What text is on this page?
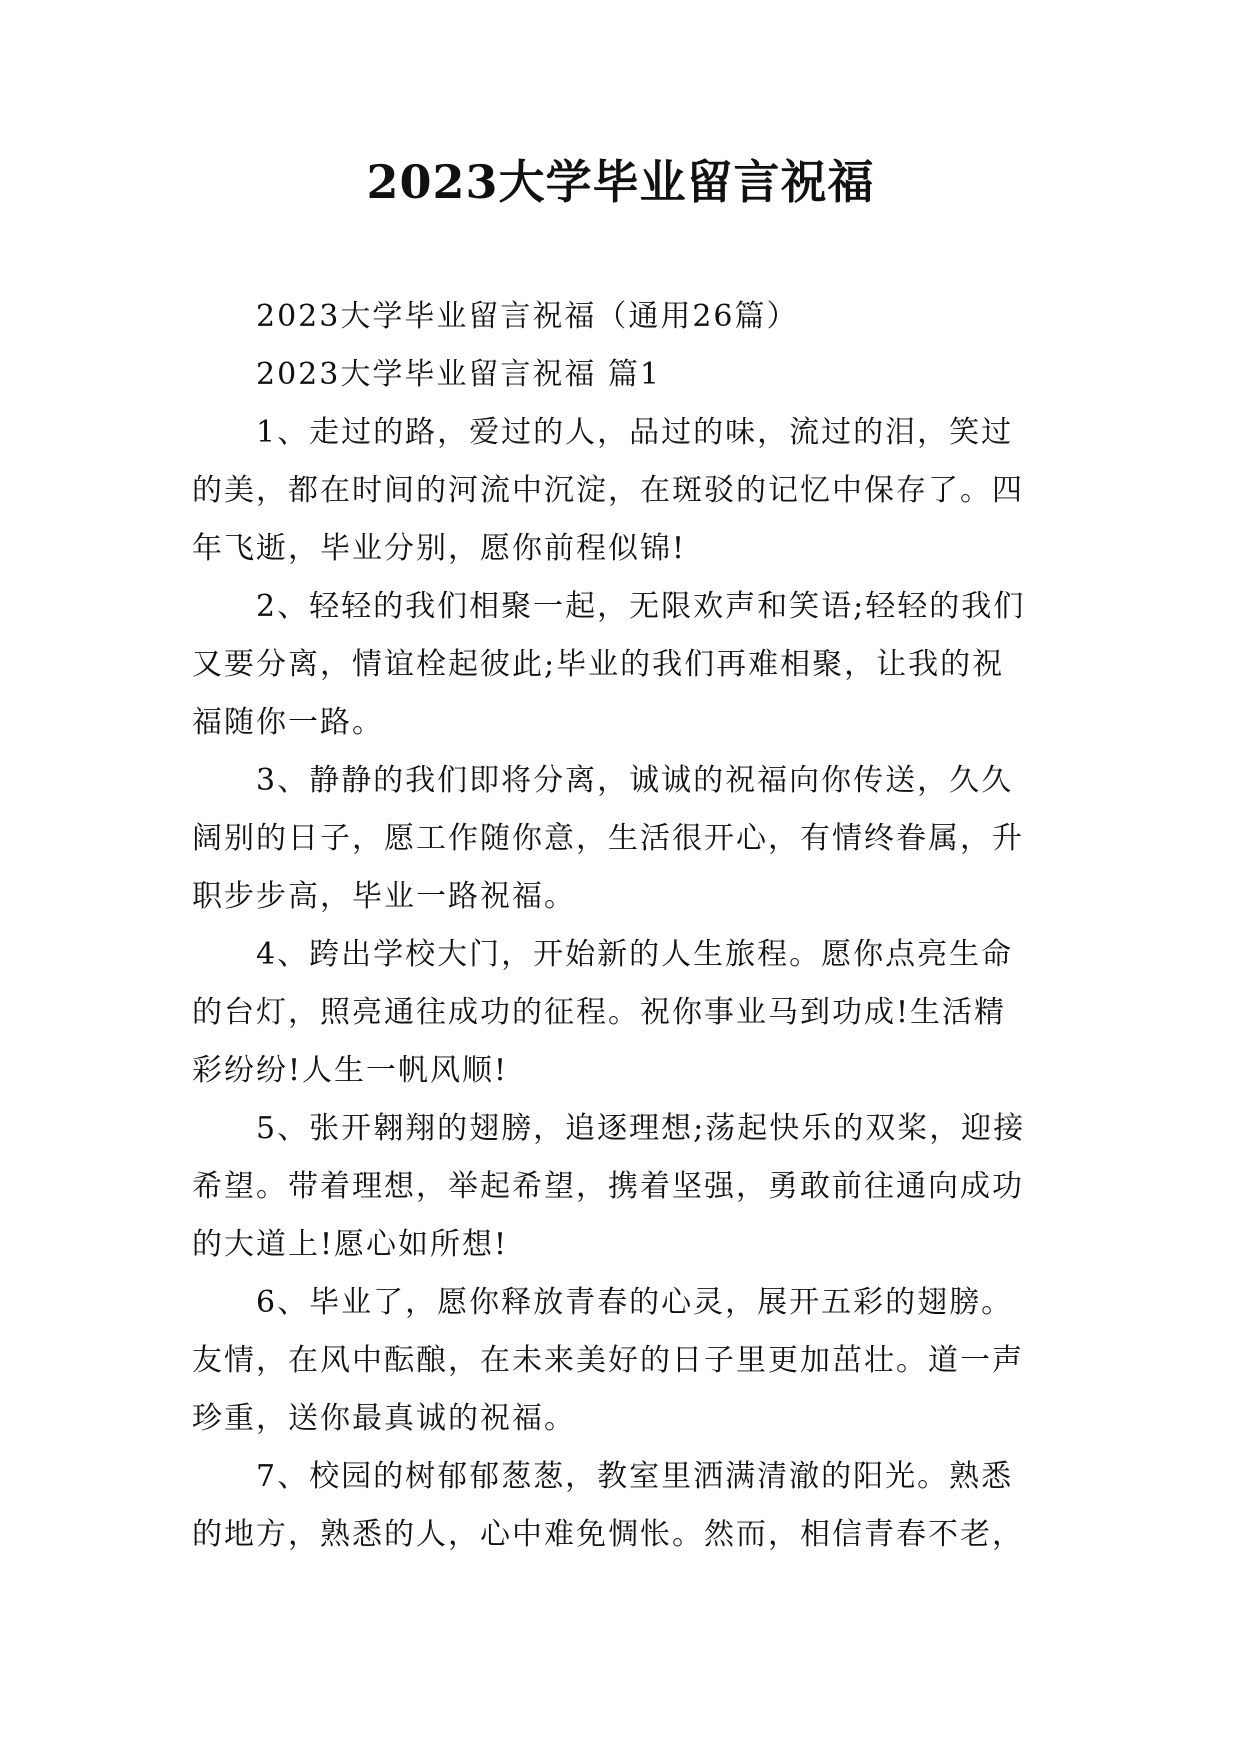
2023大学毕业留言祝福

2023大学毕业留言祝福（通用26篇）

2023大学毕业留言祝福 篇1

1、走过的路，爱过的人，品过的味，流过的泪，笑过

的美，都在时间的河流中沉淀，在斑驳的记忆中保存了。四

年飞逝，毕业分别，愿你前程似锦!

2、轻轻的我们相聚一起，无限欢声和笑语;轻轻的我们

又要分离，情谊栓起彼此;毕业的我们再难相聚，让我的祝

福随你一路。

3、静静的我们即将分离，诚诚的祝福向你传送，久久

阔别的日子，愿工作随你意，生活很开心，有情终眷属，升

职步步高，毕业一路祝福。

4、跨出学校大门，开始新的人生旅程。愿你点亮生命

的台灯，照亮通往成功的征程。祝你事业马到功成!生活精

彩纷纷!人生一帆风顺!

5、张开翱翔的翅膀，追逐理想;荡起快乐的双桨，迎接

希望。带着理想，举起希望，携着坚强，勇敢前往通向成功

的大道上!愿心如所想!

6、毕业了，愿你释放青春的心灵，展开五彩的翅膀。

友情，在风中酝酿，在未来美好的日子里更加茁壮。道一声

珍重，送你最真诚的祝福。

7、校园的树郁郁葱葱，教室里洒满清澈的阳光。熟悉

的地方，熟悉的人，心中难免惆怅。然而，相信青春不老，
